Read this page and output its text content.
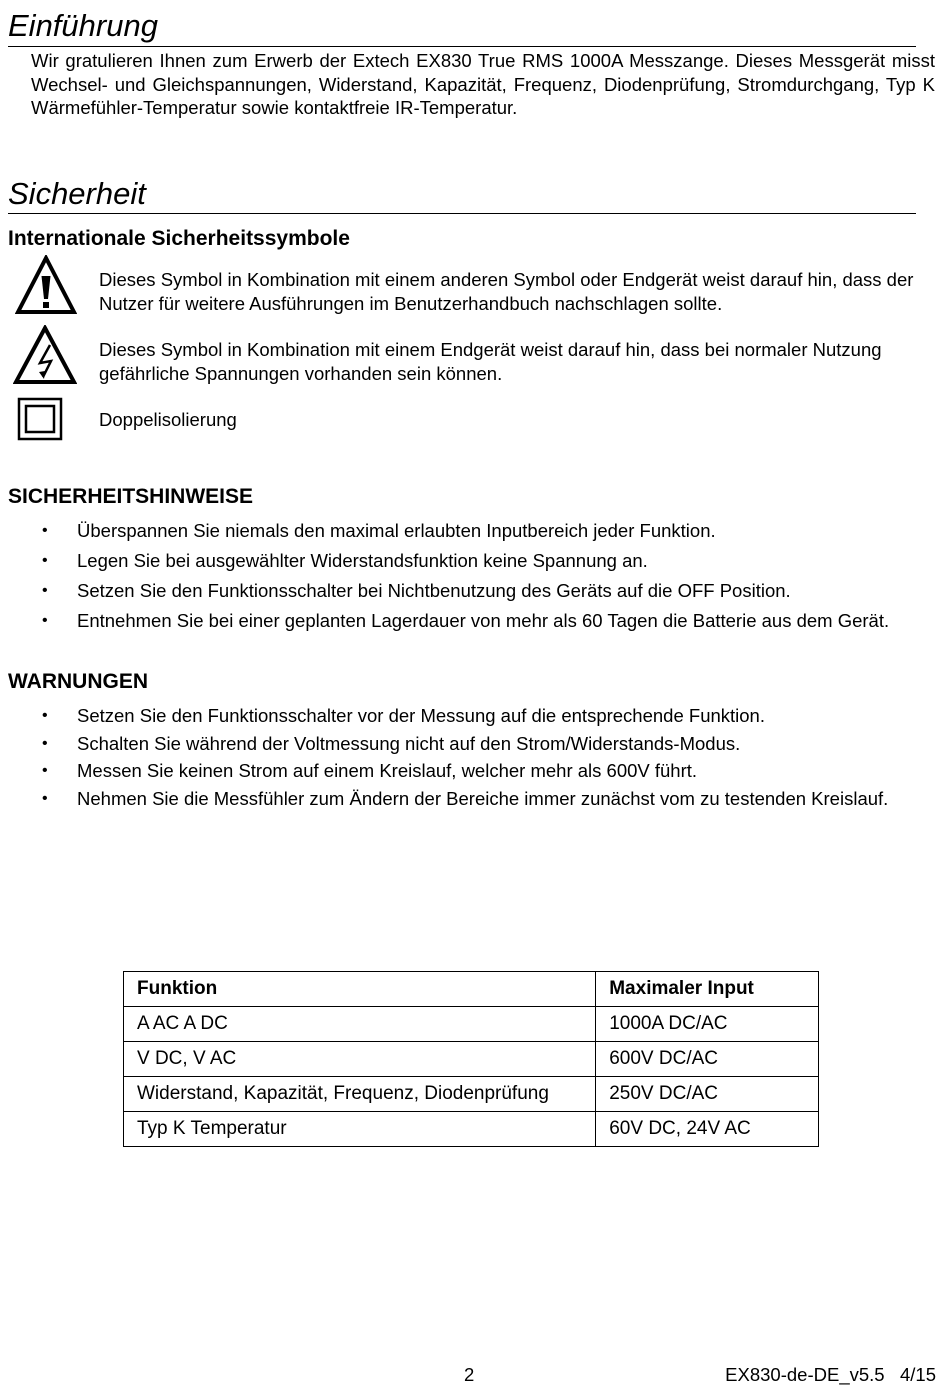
Einführung

Wir gratulieren Ihnen zum Erwerb der Extech EX830 True RMS 1000A Messzange. Dieses Messgerät misst Wechsel- und Gleichspannungen, Widerstand, Kapazität, Frequenz, Diodenprüfung, Stromdurchgang, Typ K Wärmefühler-Temperatur sowie kontaktfreie IR-Temperatur.

Sicherheit
Internationale Sicherheitssymbole

Dieses Symbol in Kombination mit einem anderen Symbol oder Endgerät weist darauf hin, dass der Nutzer für weitere Ausführungen im Benutzerhandbuch nachschlagen sollte.

Dieses Symbol in Kombination mit einem Endgerät weist darauf hin, dass bei normaler Nutzung gefährliche Spannungen vorhanden sein können.

Doppelisolierung

SICHERHEITSHINWEISE
• Überspannen Sie niemals den maximal erlaubten Inputbereich jeder Funktion.
• Legen Sie bei ausgewählter Widerstandsfunktion keine Spannung an.
• Setzen Sie den Funktionsschalter bei Nichtbenutzung des Geräts auf die OFF Position.
• Entnehmen Sie bei einer geplanten Lagerdauer von mehr als 60 Tagen die Batterie aus dem Gerät.
WARNUNGEN
• Setzen Sie den Funktionsschalter vor der Messung auf die entsprechende Funktion.
• Schalten Sie während der Voltmessung nicht auf den Strom/Widerstands-Modus.
• Messen Sie keinen Strom auf einem Kreislauf, welcher mehr als 600V führt.
• Nehmen Sie die Messfühler zum Ändern der Bereiche immer zunächst vom zu testenden Kreislauf.
Funktion	Maximaler Input
A AC A DC	1000A DC/AC
V DC, V AC	600V DC/AC
Widerstand, Kapazität, Frequenz, Diodenprüfung	250V DC/AC
Typ K Temperatur	60V DC, 24V AC
2	EX830-de-DE_v5.5   4/15
